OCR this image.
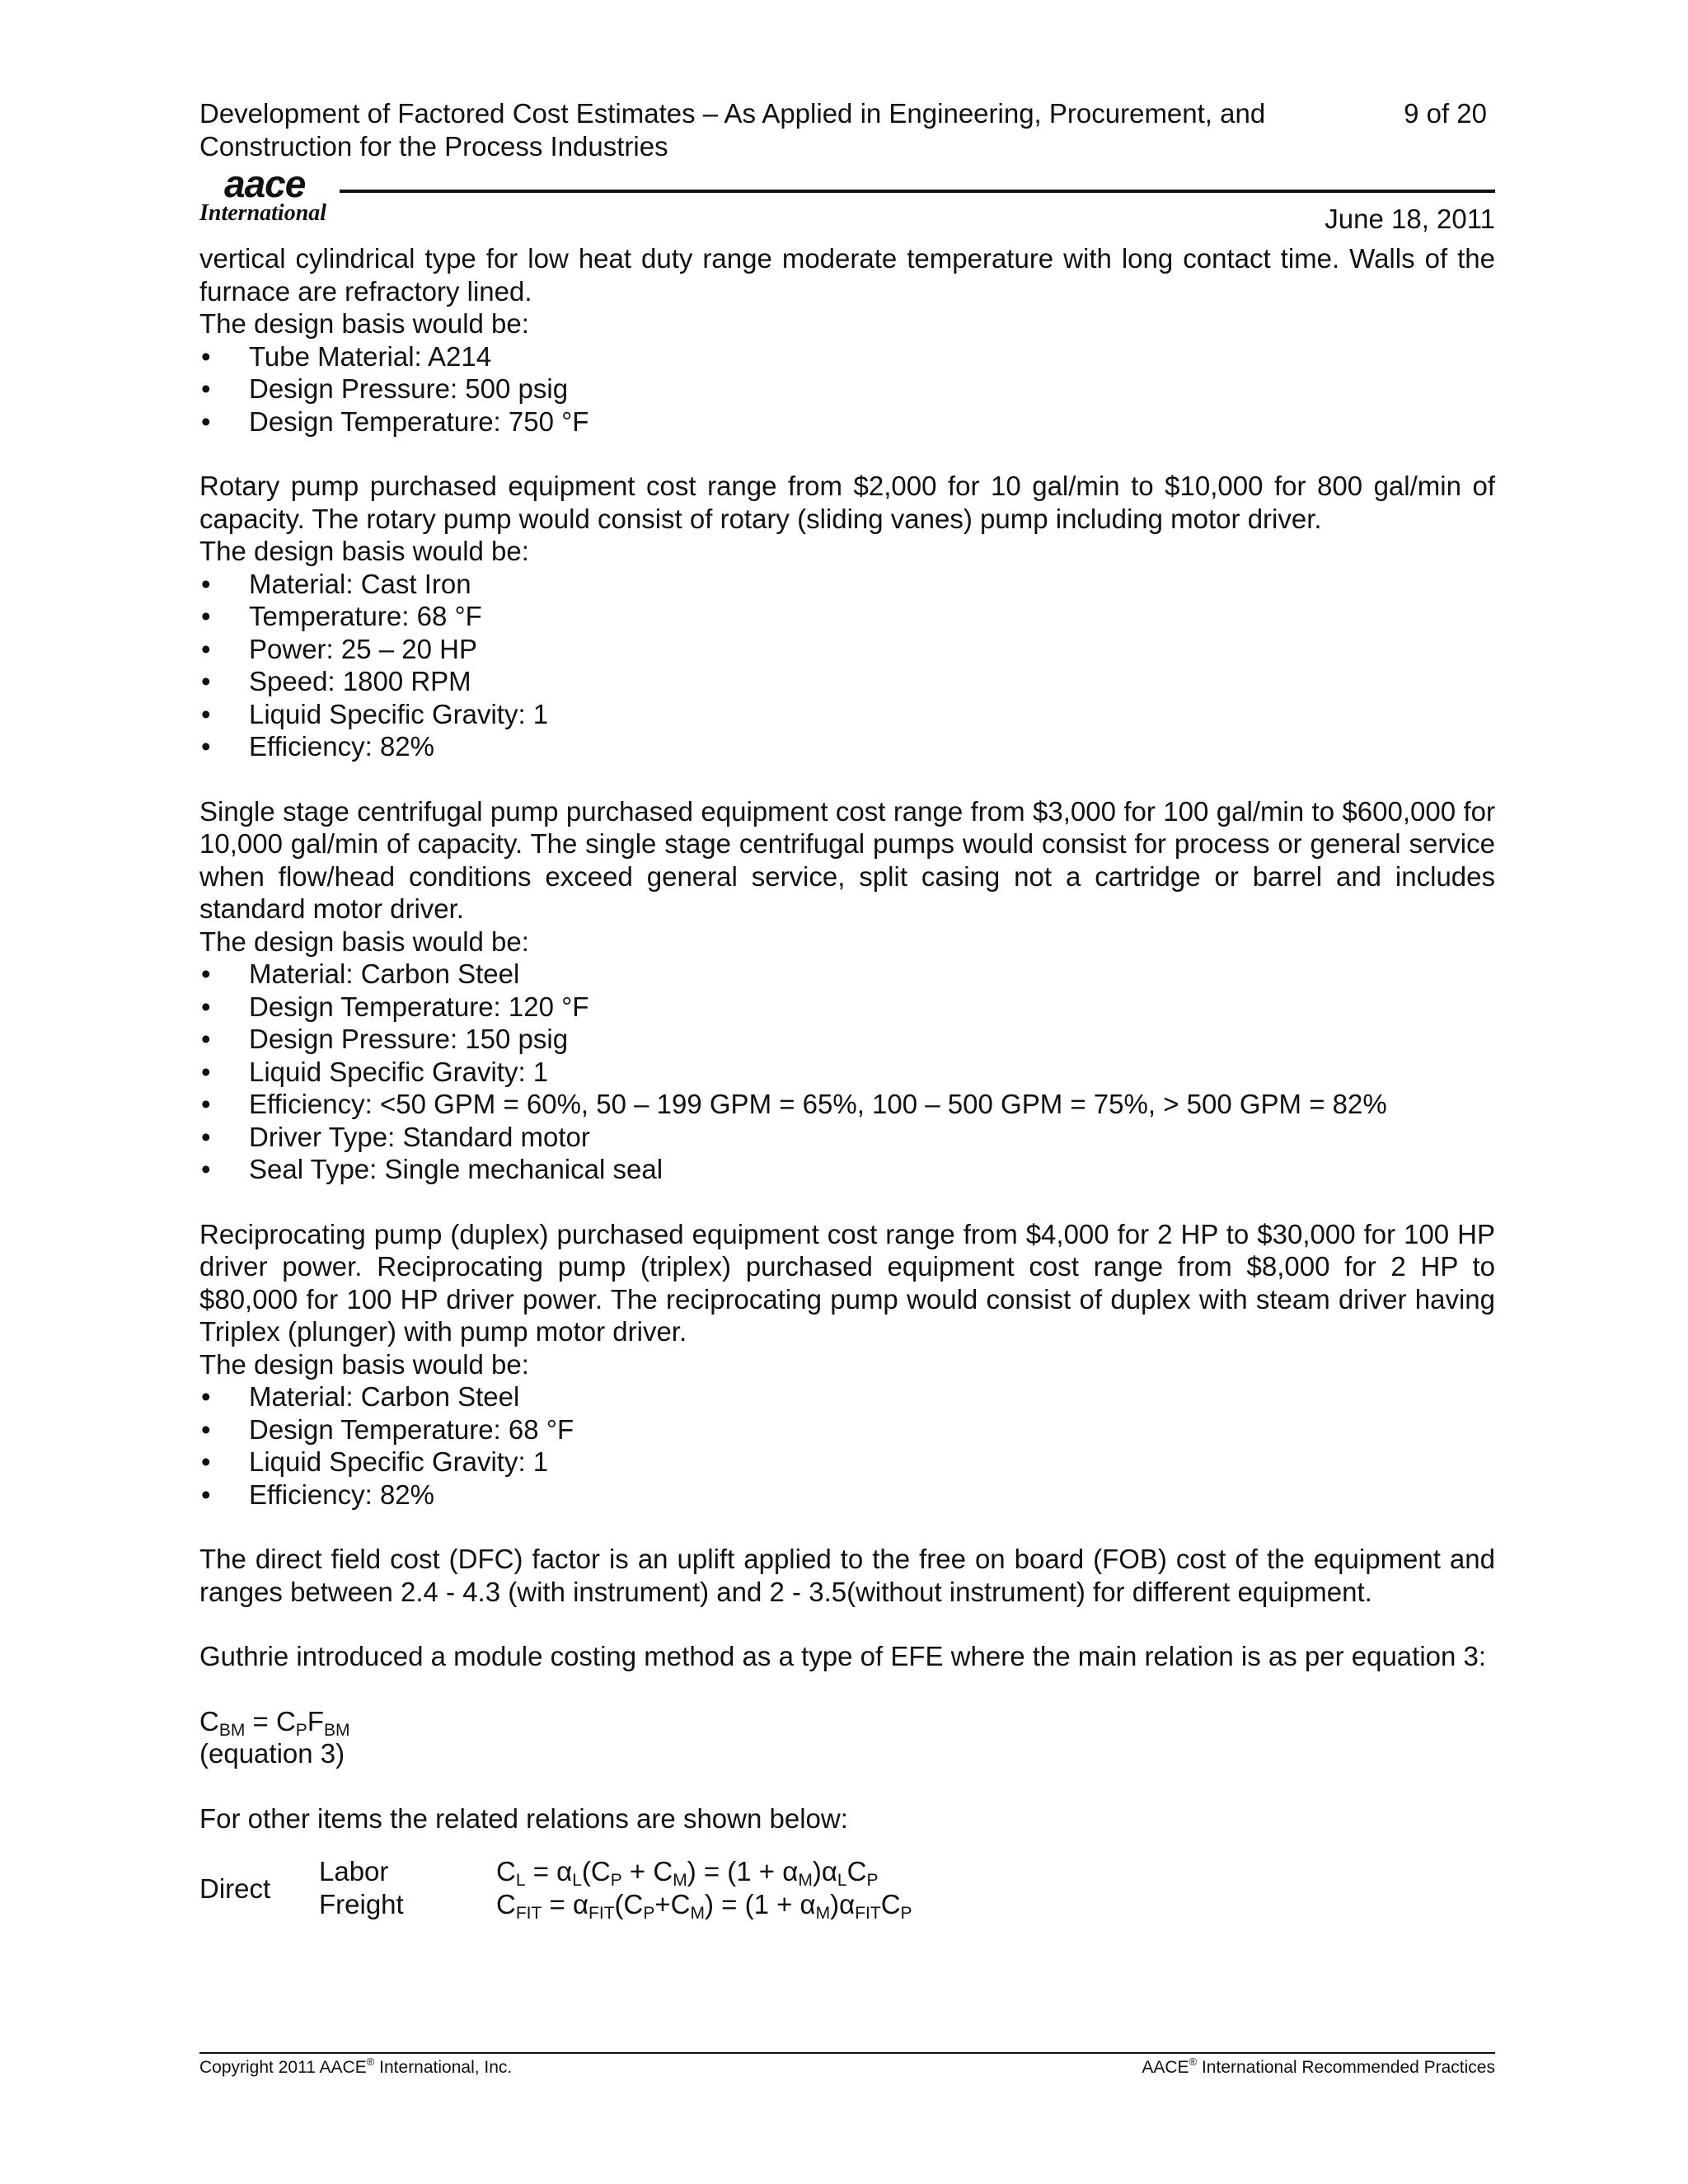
Development of Factored Cost Estimates – As Applied in Engineering, Procurement, and Construction for the Process Industries
9 of 20
aace
International	June 18, 2011

vertical cylindrical type for low heat duty range moderate temperature with long contact time. Walls of the furnace are refractory lined.

The design basis would be:

• Tube Material: A214
• Design Pressure: 500 psig
• Design Temperature: 750 °F

Rotary pump purchased equipment cost range from $2,000 for 10 gal/min to $10,000 for 800 gal/min of capacity. The rotary pump would consist of rotary (sliding vanes) pump including motor driver.

The design basis would be:

• Material: Cast Iron
• Temperature: 68 °F
• Power: 25 – 20 HP
• Speed: 1800 RPM
• Liquid Specific Gravity: 1
• Efficiency: 82%

Single stage centrifugal pump purchased equipment cost range from $3,000 for 100 gal/min to $600,000 for 10,000 gal/min of capacity. The single stage centrifugal pumps would consist for process or general service when flow/head conditions exceed general service, split casing not a cartridge or barrel and includes standard motor driver.

The design basis would be:

• Material: Carbon Steel
• Design Temperature: 120 °F
• Design Pressure: 150 psig
• Liquid Specific Gravity: 1
• Efficiency: <50 GPM = 60%, 50 – 199 GPM = 65%, 100 – 500 GPM = 75%, > 500 GPM = 82%
• Driver Type: Standard motor
• Seal Type: Single mechanical seal

Reciprocating pump (duplex) purchased equipment cost range from $4,000 for 2 HP to $30,000 for 100 HP driver power. Reciprocating pump (triplex) purchased equipment cost range from $8,000 for 2 HP to $80,000 for 100 HP driver power. The reciprocating pump would consist of duplex with steam driver having Triplex (plunger) with pump motor driver.

The design basis would be:

• Material: Carbon Steel
• Design Temperature: 68 °F
• Liquid Specific Gravity: 1
• Efficiency: 82%

The direct field cost (DFC) factor is an uplift applied to the free on board (FOB) cost of the equipment and ranges between 2.4 - 4.3 (with instrument) and 2 - 3.5(without instrument) for different equipment.

Guthrie introduced a module costing method as a type of EFE where the main relation is as per equation 3:

$C_{BM} = C_PF_{BM}$

(equation 3)

For other items the related relations are shown below:

Direct
Labor
Freight
$C_L = \alpha_L(C_P + C_M) = (1 + \alpha_M)\alpha_LC_P$
$C_{FIT} = \alpha_{FIT}(C_P+C_M) = (1 + \alpha_M)\alpha_{FIT}C_P$
Copyright 2011 AACE® International, Inc.	AACE® International Recommended Practices
